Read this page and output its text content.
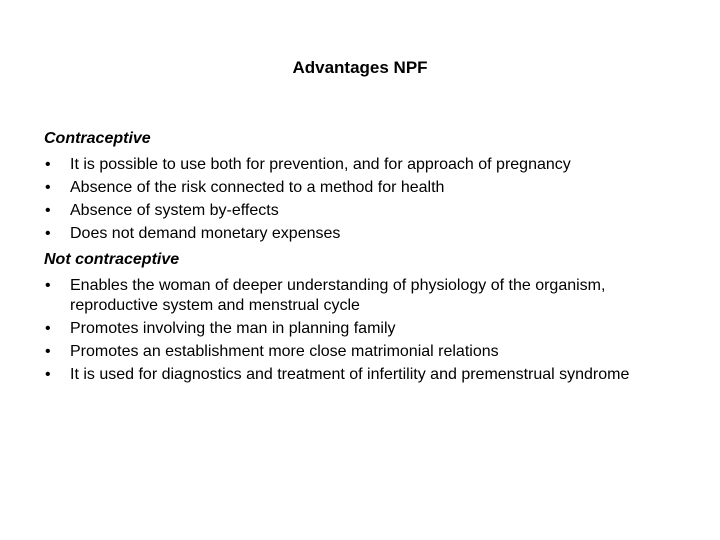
Advantages NPF
Contraceptive
• It is possible to use both for prevention, and for approach of pregnancy
• Absence of the risk connected to a method for health
• Absence of system by-effects
• Does not demand monetary expenses
Not contraceptive
• Enables the woman of deeper understanding of physiology of the organism, reproductive system and menstrual cycle
• Promotes involving the man in planning family
• Promotes an establishment more close matrimonial relations
• It is used for diagnostics and treatment of infertility and premenstrual syndrome
